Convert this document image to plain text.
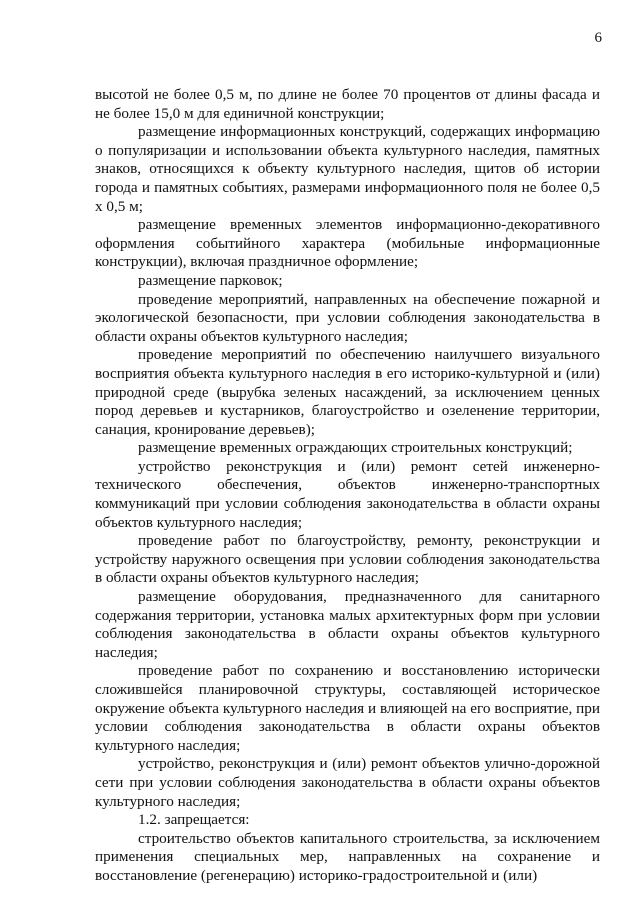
6

высотой не более 0,5 м, по длине не более 70 процентов от длины фасада и не более 15,0 м для единичной конструкции;

размещение информационных конструкций, содержащих информацию о популяризации и использовании объекта культурного наследия, памятных знаков, относящихся к объекту культурного наследия, щитов об истории города и памятных событиях, размерами информационного поля не более 0,5 х 0,5 м;

размещение временных элементов информационно-декоративного оформления событийного характера (мобильные информационные конструкции), включая праздничное оформление;

размещение парковок;

проведение мероприятий, направленных на обеспечение пожарной и экологической безопасности, при условии соблюдения законодательства в области охраны объектов культурного наследия;

проведение мероприятий по обеспечению наилучшего визуального восприятия объекта культурного наследия в его историко-культурной и (или) природной среде (вырубка зеленых насаждений, за исключением ценных пород деревьев и кустарников, благоустройство и озеленение территории, санация, кронирование деревьев);

размещение временных ограждающих строительных конструкций;

устройство реконструкция и (или) ремонт сетей инженерно-технического обеспечения, объектов инженерно-транспортных коммуникаций при условии соблюдения законодательства в области охраны объектов культурного наследия;

проведение работ по благоустройству, ремонту, реконструкции и устройству наружного освещения при условии соблюдения законодательства в области охраны объектов культурного наследия;

размещение оборудования, предназначенного для санитарного содержания территории, установка малых архитектурных форм при условии соблюдения законодательства в области охраны объектов культурного наследия;

проведение работ по сохранению и восстановлению исторически сложившейся планировочной структуры, составляющей историческое окружение объекта культурного наследия и влияющей на его восприятие, при условии соблюдения законодательства в области охраны объектов культурного наследия;

устройство, реконструкция и (или) ремонт объектов улично-дорожной сети при условии соблюдения законодательства в области охраны объектов культурного наследия;

1.2. запрещается:

строительство объектов капитального строительства, за исключением применения специальных мер, направленных на сохранение и восстановление (регенерацию) историко-градостроительной и (или)
